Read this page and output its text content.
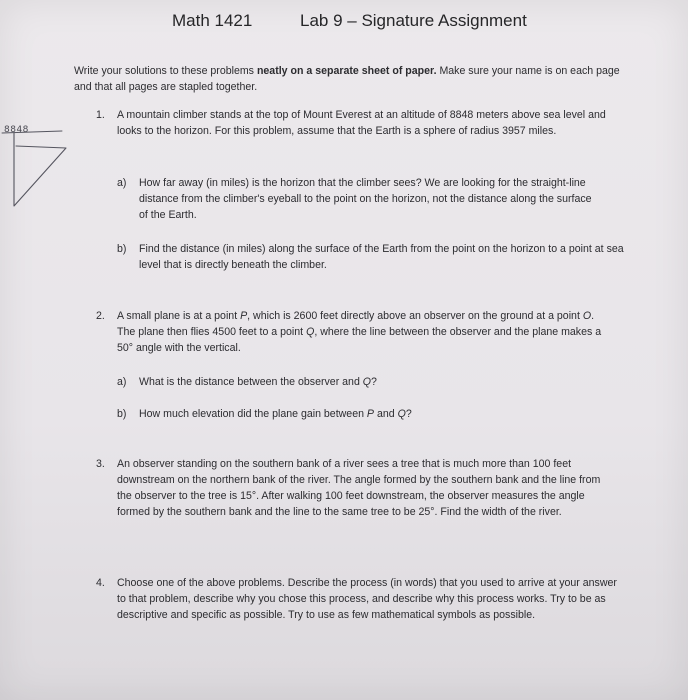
Math 1421	Lab 9 – Signature Assignment
Write your solutions to these problems neatly on a separate sheet of paper. Make sure your name is on each page and that all pages are stapled together.
8848
1. A mountain climber stands at the top of Mount Everest at an altitude of 8848 meters above sea level and looks to the horizon. For this problem, assume that the Earth is a sphere of radius 3957 miles.
a) How far away (in miles) is the horizon that the climber sees? We are looking for the straight-line distance from the climber's eyeball to the point on the horizon, not the distance along the surface of the Earth.
b) Find the distance (in miles) along the surface of the Earth from the point on the horizon to a point at sea level that is directly beneath the climber.
2. A small plane is at a point P, which is 2600 feet directly above an observer on the ground at a point O. The plane then flies 4500 feet to a point Q, where the line between the observer and the plane makes a 50° angle with the vertical.
a) What is the distance between the observer and Q?
b) How much elevation did the plane gain between P and Q?
3. An observer standing on the southern bank of a river sees a tree that is much more than 100 feet downstream on the northern bank of the river. The angle formed by the southern bank and the line from the observer to the tree is 15°. After walking 100 feet downstream, the observer measures the angle formed by the southern bank and the line to the same tree to be 25°. Find the width of the river.
4. Choose one of the above problems. Describe the process (in words) that you used to arrive at your answer to that problem, describe why you chose this process, and describe why this process works. Try to be as descriptive and specific as possible. Try to use as few mathematical symbols as possible.
